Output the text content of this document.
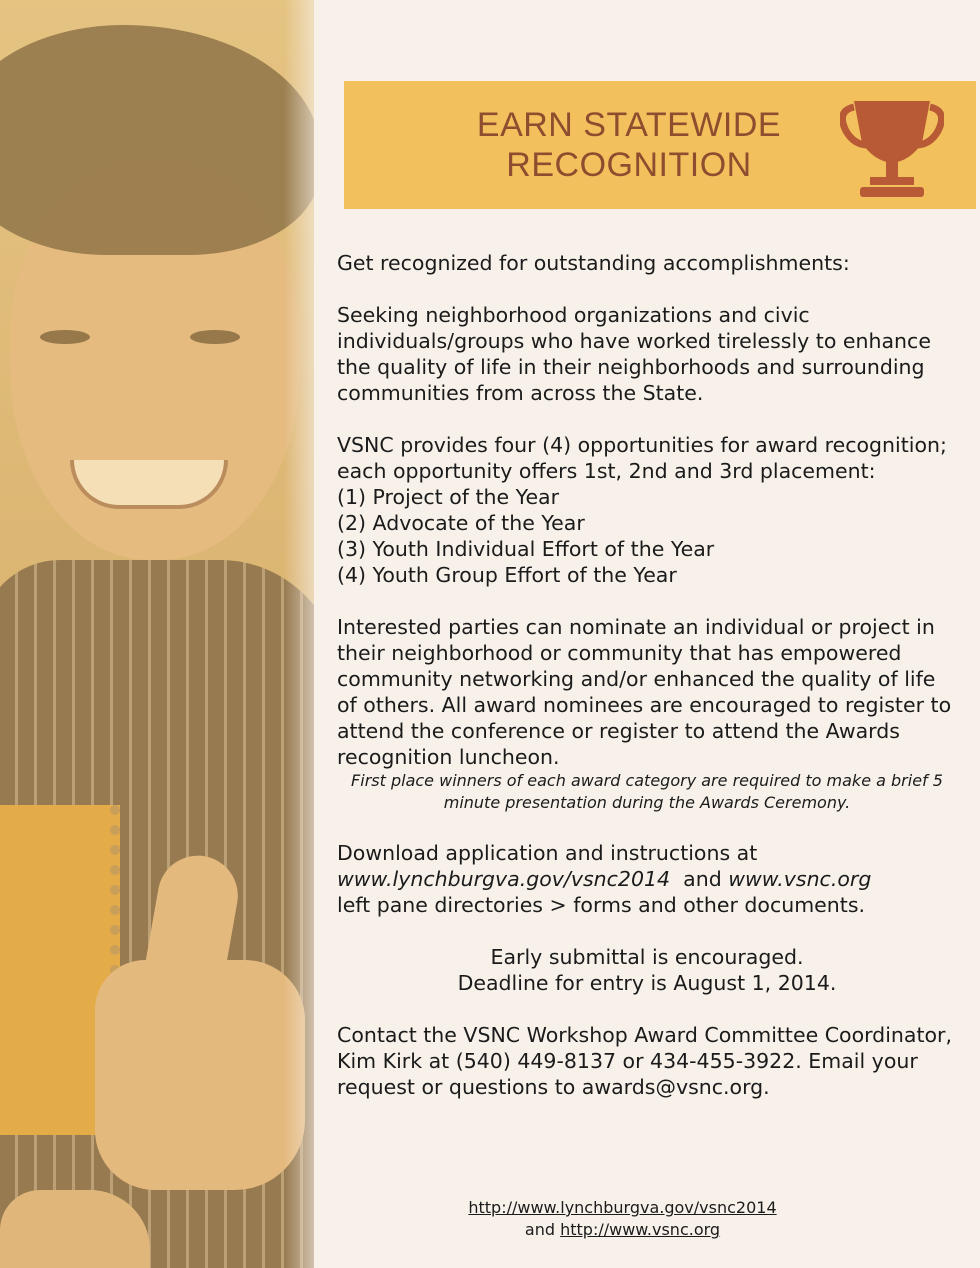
EARN STATEWIDE
RECOGNITION

Get recognized for outstanding accomplishments:

Seeking neighborhood organizations and civic individuals/groups who have worked tirelessly to enhance the quality of life in their neighborhoods and surrounding communities from across the State.

VSNC provides four (4) opportunities for award recognition; each opportunity offers 1st, 2nd and 3rd placement:

(1) Project of the Year

(2) Advocate of the Year

(3) Youth Individual Effort of the Year

(4) Youth Group Effort of the Year

Interested parties can nominate an individual or project in their neighborhood or community that has empowered community networking and/or enhanced the quality of life of others. All award nominees are encouraged to register to attend the conference or register to attend the Awards recognition luncheon.

First place winners of each award category are required to make a brief 5 minute presentation during the Awards Ceremony.

Download application and instructions at
www.lynchburgva.gov/vsnc2014 and www.vsnc.org
left pane directories > forms and other documents.

Early submittal is encouraged.

Deadline for entry is August 1, 2014.

Contact the VSNC Workshop Award Committee Coordinator, Kim Kirk at (540) 449-8137 or 434-455-3922. Email your request or questions to awards@vsnc.org.

http://www.lynchburgva.gov/vsnc2014
and http://www.vsnc.org
